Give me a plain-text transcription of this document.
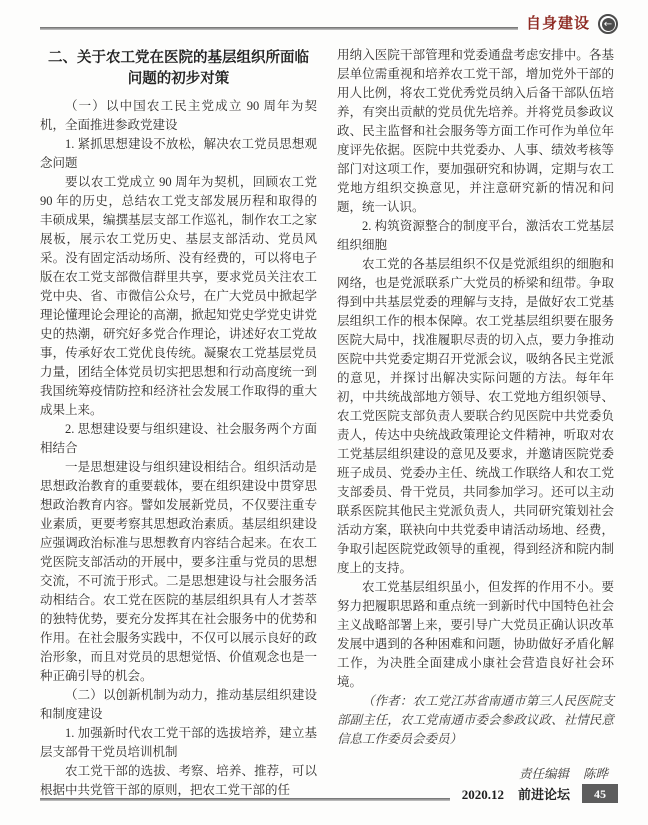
自身建设 ←
二、关于农工党在医院的基层组织所面临
问题的初步对策

（一）以中国农工民主党成立 90 周年为契机，全面推进参政党建设

1. 紧抓思想建设不放松，解决农工党员思想观念问题

要以农工党成立 90 周年为契机，回顾农工党 90 年的历史，总结农工党支部发展历程和取得的丰硕成果，编撰基层支部工作巡礼，制作农工之家展板，展示农工党历史、基层支部活动、党员风采。没有固定活动场所、没有经费的，可以将电子版在农工党支部微信群里共享，要求党员关注农工党中央、省、市微信公众号，在广大党员中掀起学理论懂理论会理论的高潮，掀起知党史学党史讲党史的热潮，研究好多党合作理论，讲述好农工党故事，传承好农工党优良传统。凝聚农工党基层党员力量，团结全体党员切实把思想和行动高度统一到我国统筹疫情防控和经济社会发展工作取得的重大成果上来。

2. 思想建设要与组织建设、社会服务两个方面相结合

一是思想建设与组织建设相结合。组织活动是思想政治教育的重要载体，要在组织建设中贯穿思想政治教育内容。譬如发展新党员，不仅要注重专业素质，更要考察其思想政治素质。基层组织建设应强调政治标准与思想教育内容结合起来。在农工党医院支部活动的开展中，要多注重与党员的思想交流，不可流于形式。二是思想建设与社会服务活动相结合。农工党在医院的基层组织具有人才荟萃的独特优势，要充分发挥其在社会服务中的优势和作用。在社会服务实践中，不仅可以展示良好的政治形象，而且对党员的思想觉悟、价值观念也是一种正确引导的机会。

（二）以创新机制为动力，推动基层组织建设和制度建设

1. 加强新时代农工党干部的选拔培养，建立基层支部骨干党员培训机制

农工党干部的选拔、考察、培养、推荐，可以根据中共党管干部的原则，把农工党干部的任

用纳入医院干部管理和党委通盘考虑安排中。各基层单位需重视和培养农工党干部，增加党外干部的用人比例，将农工党优秀党员纳入后备干部队伍培养，有突出贡献的党员优先培养。并将党员参政议政、民主监督和社会服务等方面工作可作为单位年度评先依据。医院中共党委办、人事、绩效考核等部门对这项工作，要加强研究和协调，定期与农工党地方组织交换意见，并注意研究新的情况和问题，统一认识。

2. 构筑资源整合的制度平台，激活农工党基层组织细胞

农工党的各基层组织不仅是党派组织的细胞和网络，也是党派联系广大党员的桥梁和纽带。争取得到中共基层党委的理解与支持，是做好农工党基层组织工作的根本保障。农工党基层组织要在服务医院大局中，找准履职尽责的切入点，要力争推动医院中共党委定期召开党派会议，吸纳各民主党派的意见，并探讨出解决实际问题的方法。每年年初，中共统战部地方领导、农工党地方组织领导、农工党医院支部负责人要联合约见医院中共党委负责人，传达中央统战政策理论文件精神，听取对农工党基层组织建设的意见及要求，并邀请医院党委班子成员、党委办主任、统战工作联络人和农工党支部委员、骨干党员，共同参加学习。还可以主动联系医院其他民主党派负责人，共同研究策划社会活动方案，联袂向中共党委申请活动场地、经费，争取引起医院党政领导的重视，得到经济和院内制度上的支持。

农工党基层组织虽小，但发挥的作用不小。要努力把履职思路和重点统一到新时代中国特色社会主义战略部署上来，要引导广大党员正确认识改革发展中遇到的各种困难和问题，协助做好矛盾化解工作，为决胜全面建成小康社会营造良好社会环境。

（作者：农工党江苏省南通市第三人民医院支部副主任，农工党南通市委会参政议政、社情民意信息工作委员会委员）

责任编辑 陈晔

2020.12 前进论坛	45
